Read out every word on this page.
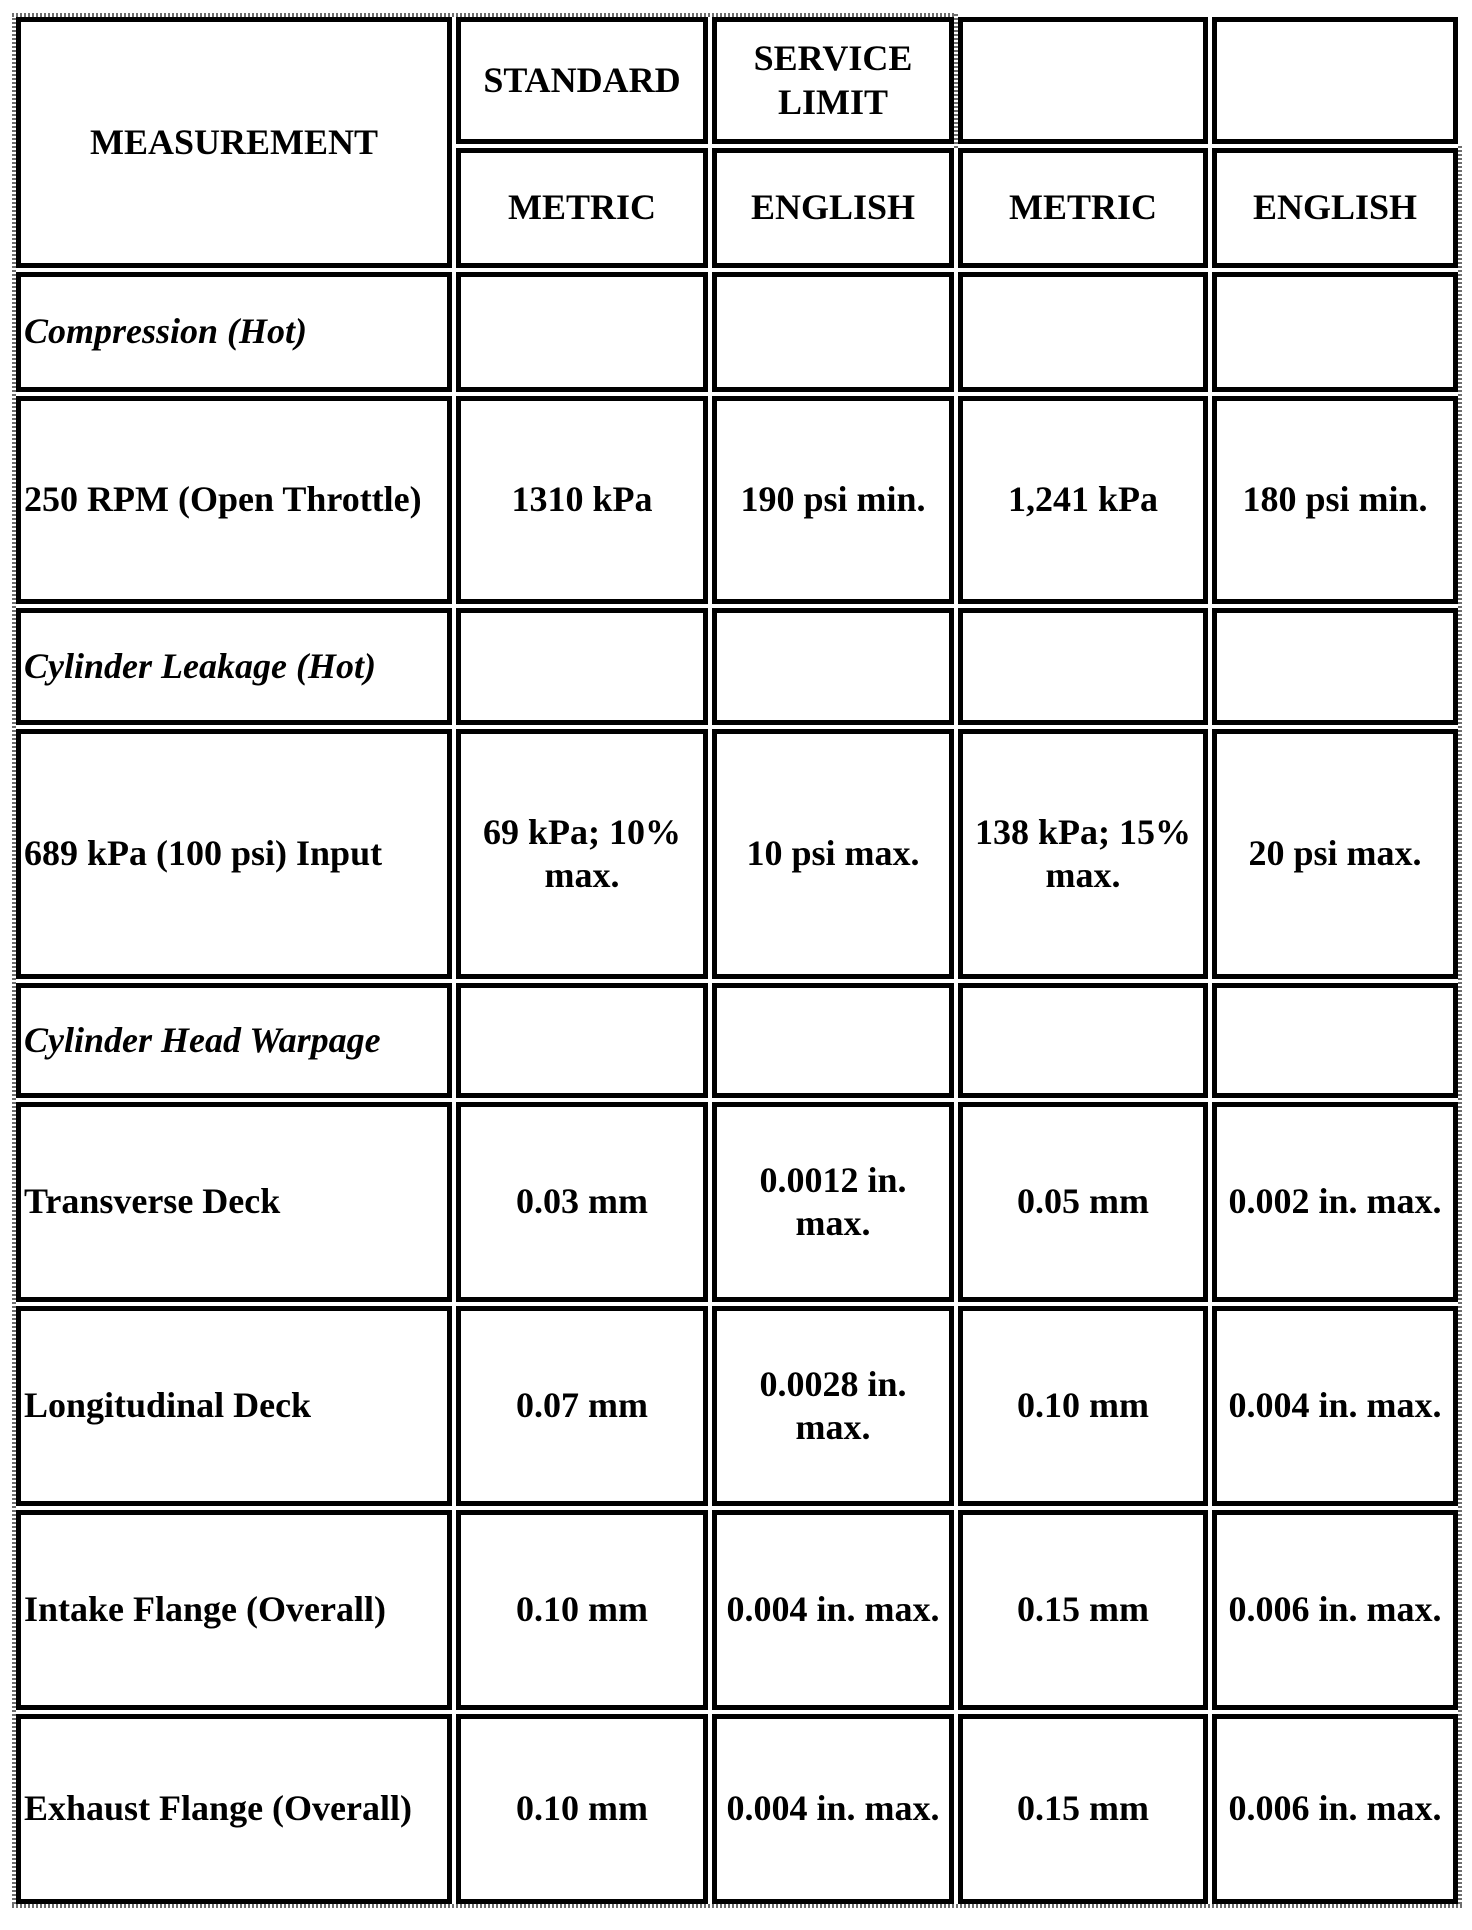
MEASUREMENT	STANDARD	SERVICE LIMIT		
	METRIC	ENGLISH	METRIC	ENGLISH
Compression (Hot)				
250 RPM (Open Throttle)	1310 kPa	190 psi min.	1,241 kPa	180 psi min.
Cylinder Leakage (Hot)				
689 kPa (100 psi) Input	69 kPa; 10% max.	10 psi max.	138 kPa; 15% max.	20 psi max.
Cylinder Head Warpage				
Transverse Deck	0.03 mm	0.0012 in. max.	0.05 mm	0.002 in. max.
Longitudinal Deck	0.07 mm	0.0028 in. max.	0.10 mm	0.004 in. max.
Intake Flange (Overall)	0.10 mm	0.004 in. max.	0.15 mm	0.006 in. max.
Exhaust Flange (Overall)	0.10 mm	0.004 in. max.	0.15 mm	0.006 in. max.
